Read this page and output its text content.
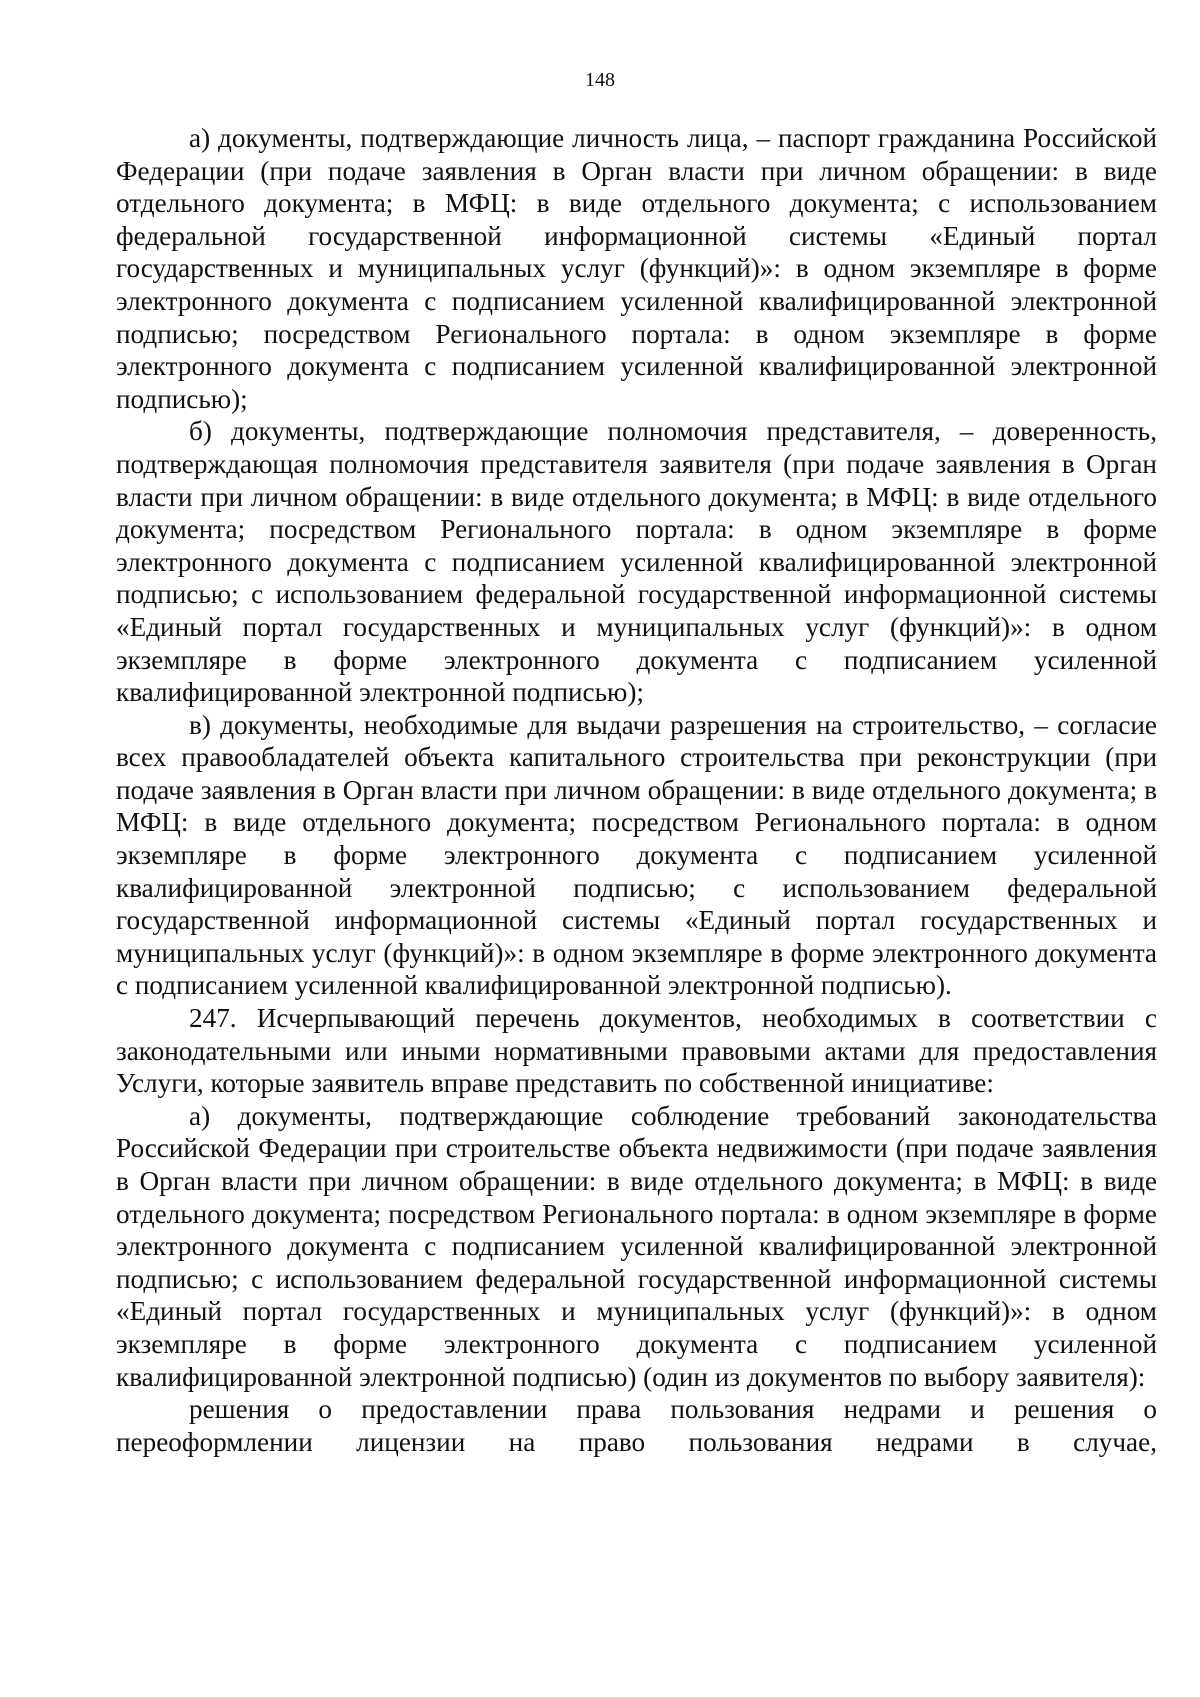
148

а) документы, подтверждающие личность лица, – паспорт гражданина Российской Федерации (при подаче заявления в Орган власти при личном обращении: в виде отдельного документа; в МФЦ: в виде отдельного документа; с использованием федеральной государственной информационной системы «Единый портал государственных и муниципальных услуг (функций)»: в одном экземпляре в форме электронного документа с подписанием усиленной квалифицированной электронной подписью; посредством Регионального портала: в одном экземпляре в форме электронного документа с подписанием усиленной квалифицированной электронной подписью);

б) документы, подтверждающие полномочия представителя, – доверенность, подтверждающая полномочия представителя заявителя (при подаче заявления в Орган власти при личном обращении: в виде отдельного документа; в МФЦ: в виде отдельного документа; посредством Регионального портала: в одном экземпляре в форме электронного документа с подписанием усиленной квалифицированной электронной подписью; с использованием федеральной государственной информационной системы «Единый портал государственных и муниципальных услуг (функций)»: в одном экземпляре в форме электронного документа с подписанием усиленной квалифицированной электронной подписью);

в) документы, необходимые для выдачи разрешения на строительство, – согласие всех правообладателей объекта капитального строительства при реконструкции (при подаче заявления в Орган власти при личном обращении: в виде отдельного документа; в МФЦ: в виде отдельного документа; посредством Регионального портала: в одном экземпляре в форме электронного документа с подписанием усиленной квалифицированной электронной подписью; с использованием федеральной государственной информационной системы «Единый портал государственных и муниципальных услуг (функций)»: в одном экземпляре в форме электронного документа с подписанием усиленной квалифицированной электронной подписью).

247. Исчерпывающий перечень документов, необходимых в соответствии с законодательными или иными нормативными правовыми актами для предоставления Услуги, которые заявитель вправе представить по собственной инициативе:

а) документы, подтверждающие соблюдение требований законодательства Российской Федерации при строительстве объекта недвижимости (при подаче заявления в Орган власти при личном обращении: в виде отдельного документа; в МФЦ: в виде отдельного документа; посредством Регионального портала: в одном экземпляре в форме электронного документа с подписанием усиленной квалифицированной электронной подписью; с использованием федеральной государственной информационной системы «Единый портал государственных и муниципальных услуг (функций)»: в одном экземпляре в форме электронного документа с подписанием усиленной квалифицированной электронной подписью) (один из документов по выбору заявителя):

решения о предоставлении права пользования недрами и решения о переоформлении лицензии на право пользования недрами в случае,
